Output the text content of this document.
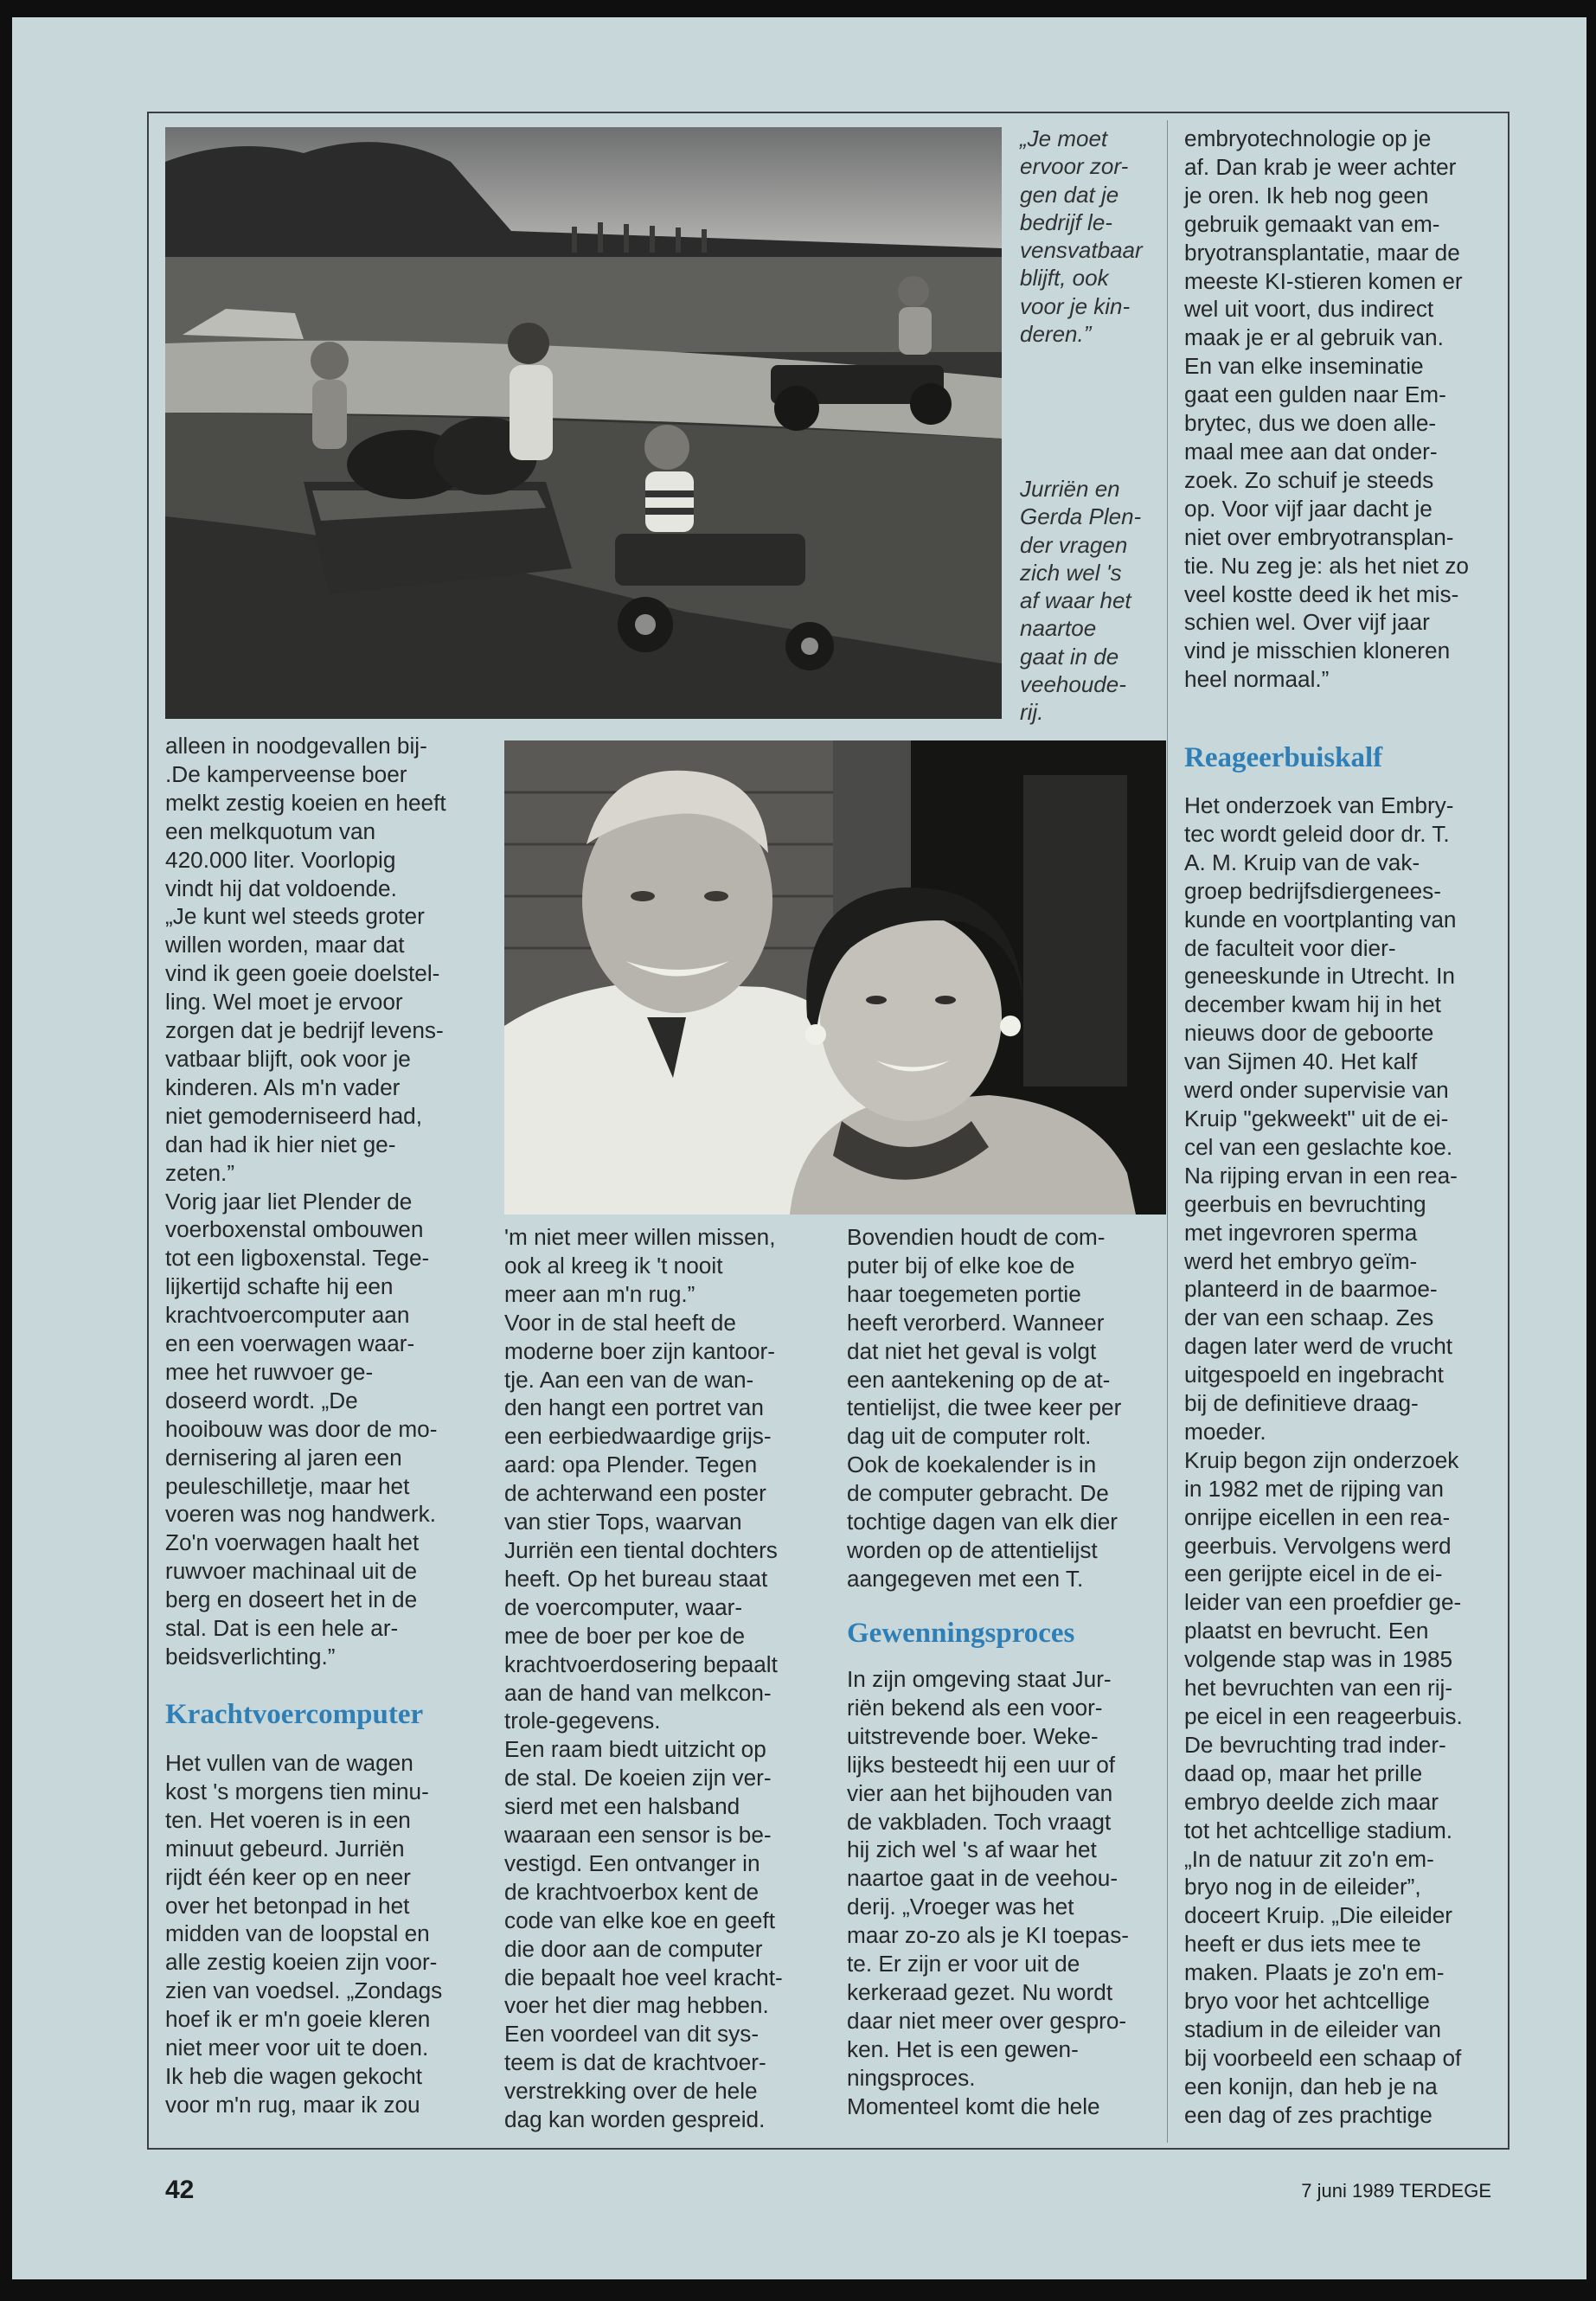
„Je moet
ervoor zor-
gen dat je
bedrijf le-
vensvatbaar
blijft, ook
voor je kin-
deren.”
Jurriën en
Gerda Plen-
der vragen
zich wel 's
af waar het
naartoe
gaat in de
veehoude-
rij.
alleen in noodgevallen bij-
.De kamperveense boer
melkt zestig koeien en heeft
een melkquotum van
420.000 liter. Voorlopig
vindt hij dat voldoende.
„Je kunt wel steeds groter
willen worden, maar dat
vind ik geen goeie doelstel-
ling. Wel moet je ervoor
zorgen dat je bedrijf levens-
vatbaar blijft, ook voor je
kinderen. Als m'n vader
niet gemoderniseerd had,
dan had ik hier niet ge-
zeten.”
Vorig jaar liet Plender de
voerboxenstal ombouwen
tot een ligboxenstal. Tege-
lijkertijd schafte hij een
krachtvoercomputer aan
en een voerwagen waar-
mee het ruwvoer ge-
doseerd wordt. „De
hooibouw was door de mo-
dernisering al jaren een
peuleschilletje, maar het
voeren was nog handwerk.
Zo'n voerwagen haalt het
ruwvoer machinaal uit de
berg en doseert het in de
stal. Dat is een hele ar-
beidsverlichting.”
Krachtvoercomputer
Het vullen van de wagen
kost 's morgens tien minu-
ten. Het voeren is in een
minuut gebeurd. Jurriën
rijdt één keer op en neer
over het betonpad in het
midden van de loopstal en
alle zestig koeien zijn voor-
zien van voedsel. „Zondags
hoef ik er m'n goeie kleren
niet meer voor uit te doen.
Ik heb die wagen gekocht
voor m'n rug, maar ik zou
'm niet meer willen missen,
ook al kreeg ik 't nooit
meer aan m'n rug.”
Voor in de stal heeft de
moderne boer zijn kantoor-
tje. Aan een van de wan-
den hangt een portret van
een eerbiedwaardige grijs-
aard: opa Plender. Tegen
de achterwand een poster
van stier Tops, waarvan
Jurriën een tiental dochters
heeft. Op het bureau staat
de voercomputer, waar-
mee de boer per koe de
krachtvoerdosering bepaalt
aan de hand van melkcon-
trole-gegevens.
Een raam biedt uitzicht op
de stal. De koeien zijn ver-
sierd met een halsband
waaraan een sensor is be-
vestigd. Een ontvanger in
de krachtvoerbox kent de
code van elke koe en geeft
die door aan de computer
die bepaalt hoe veel kracht-
voer het dier mag hebben.
Een voordeel van dit sys-
teem is dat de krachtvoer-
verstrekking over de hele
dag kan worden gespreid.
Bovendien houdt de com-
puter bij of elke koe de
haar toegemeten portie
heeft verorberd. Wanneer
dat niet het geval is volgt
een aantekening op de at-
tentielijst, die twee keer per
dag uit de computer rolt.
Ook de koekalender is in
de computer gebracht. De
tochtige dagen van elk dier
worden op de attentielijst
aangegeven met een T.
Gewenningsproces
In zijn omgeving staat Jur-
riën bekend als een voor-
uitstrevende boer. Weke-
lijks besteedt hij een uur of
vier aan het bijhouden van
de vakbladen. Toch vraagt
hij zich wel 's af waar het
naartoe gaat in de veehou-
derij. „Vroeger was het
maar zo-zo als je KI toepas-
te. Er zijn er voor uit de
kerkeraad gezet. Nu wordt
daar niet meer over gespro-
ken. Het is een gewen-
ningsproces.
Momenteel komt die hele
embryotechnologie op je
af. Dan krab je weer achter
je oren. Ik heb nog geen
gebruik gemaakt van em-
bryotransplantatie, maar de
meeste KI-stieren komen er
wel uit voort, dus indirect
maak je er al gebruik van.
En van elke inseminatie
gaat een gulden naar Em-
brytec, dus we doen alle-
maal mee aan dat onder-
zoek. Zo schuif je steeds
op. Voor vijf jaar dacht je
niet over embryotransplan-
tie. Nu zeg je: als het niet zo
veel kostte deed ik het mis-
schien wel. Over vijf jaar
vind je misschien kloneren
heel normaal.”
Reageerbuiskalf
Het onderzoek van Embry-
tec wordt geleid door dr. T.
A. M. Kruip van de vak-
groep bedrijfsdiergenees-
kunde en voortplanting van
de faculteit voor dier-
geneeskunde in Utrecht. In
december kwam hij in het
nieuws door de geboorte
van Sijmen 40. Het kalf
werd onder supervisie van
Kruip "gekweekt" uit de ei-
cel van een geslachte koe.
Na rijping ervan in een rea-
geerbuis en bevruchting
met ingevroren sperma
werd het embryo geïm-
planteerd in de baarmoe-
der van een schaap. Zes
dagen later werd de vrucht
uitgespoeld en ingebracht
bij de definitieve draag-
moeder.
Kruip begon zijn onderzoek
in 1982 met de rijping van
onrijpe eicellen in een rea-
geerbuis. Vervolgens werd
een gerijpte eicel in de ei-
leider van een proefdier ge-
plaatst en bevrucht. Een
volgende stap was in 1985
het bevruchten van een rij-
pe eicel in een reageerbuis.
De bevruchting trad inder-
daad op, maar het prille
embryo deelde zich maar
tot het achtcellige stadium.
„In de natuur zit zo'n em-
bryo nog in de eileider”,
doceert Kruip. „Die eileider
heeft er dus iets mee te
maken. Plaats je zo'n em-
bryo voor het achtcellige
stadium in de eileider van
bij voorbeeld een schaap of
een konijn, dan heb je na
een dag of zes prachtige
42	7 juni 1989 TERDEGE
